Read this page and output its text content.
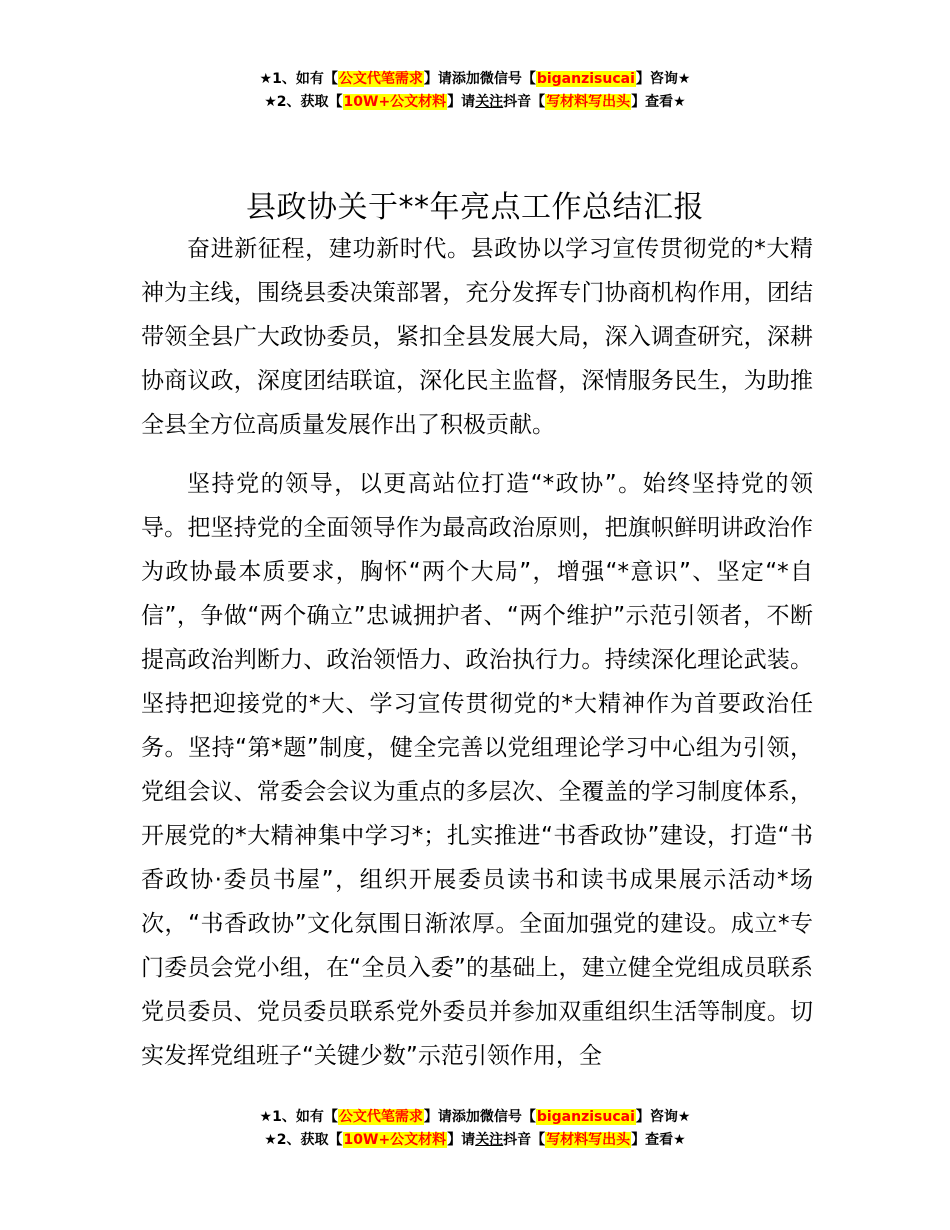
★1、如有【公文代笔需求】请添加微信号【biganzisucai】咨询★
★2、获取【10W+公文材料】请关注抖音【写材料写出头】查看★
县政协关于**年亮点工作总结汇报

奋进新征程，建功新时代。县政协以学习宣传贯彻党的*大精神为主线，围绕县委决策部署，充分发挥专门协商机构作用，团结带领全县广大政协委员，紧扣全县发展大局，深入调查研究，深耕协商议政，深度团结联谊，深化民主监督，深情服务民生，为助推全县全方位高质量发展作出了积极贡献。

坚持党的领导，以更高站位打造“*政协”。始终坚持党的领导。把坚持党的全面领导作为最高政治原则，把旗帜鲜明讲政治作为政协最本质要求，胸怀“两个大局”，增强“*意识”、坚定“*自信”，争做“两个确立”忠诚拥护者、“两个维护”示范引领者，不断提高政治判断力、政治领悟力、政治执行力。持续深化理论武装。坚持把迎接党的*大、学习宣传贯彻党的*大精神作为首要政治任务。坚持“第*题”制度，健全完善以党组理论学习中心组为引领，党组会议、常委会会议为重点的多层次、全覆盖的学习制度体系，开展党的*大精神集中学习*；扎实推进“书香政协”建设，打造“书香政协·委员书屋”，组织开展委员读书和读书成果展示活动*场次，“书香政协”文化氛围日渐浓厚。全面加强党的建设。成立*专门委员会党小组，在“全员入委”的基础上，建立健全党组成员联系党员委员、党员委员联系党外委员并参加双重组织生活等制度。切实发挥党组班子“关键少数”示范引领作用，全

★1、如有【公文代笔需求】请添加微信号【biganzisucai】咨询★
★2、获取【10W+公文材料】请关注抖音【写材料写出头】查看★
